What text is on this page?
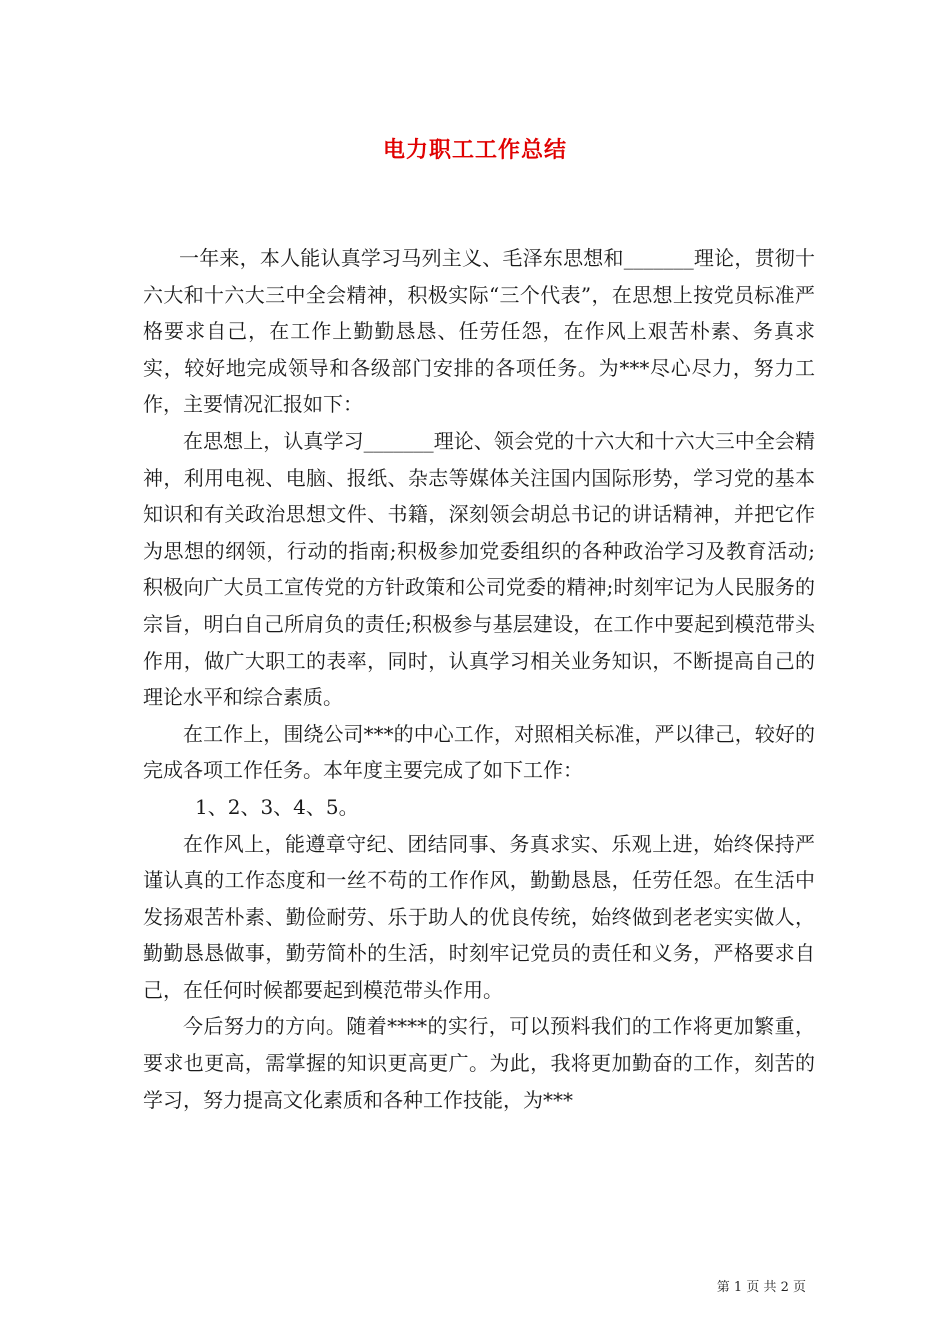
电力职工工作总结

一年来，本人能认真学习马列主义、毛泽东思想和_______理论，贯彻十六大和十六大三中全会精神，积极实际“三个代表”，在思想上按党员标准严格要求自己，在工作上勤勤恳恳、任劳任怨，在作风上艰苦朴素、务真求实，较好地完成领导和各级部门安排的各项任务。为***尽心尽力，努力工作，主要情况汇报如下：

在思想上，认真学习_______理论、领会党的十六大和十六大三中全会精神，利用电视、电脑、报纸、杂志等媒体关注国内国际形势，学习党的基本知识和有关政治思想文件、书籍，深刻领会胡总书记的讲话精神，并把它作为思想的纲领，行动的指南;积极参加党委组织的各种政治学习及教育活动;积极向广大员工宣传党的方针政策和公司党委的精神;时刻牢记为人民服务的宗旨，明白自己所肩负的责任;积极参与基层建设，在工作中要起到模范带头作用，做广大职工的表率，同时，认真学习相关业务知识，不断提高自己的理论水平和综合素质。

在工作上，围绕公司***的中心工作，对照相关标准，严以律己，较好的完成各项工作任务。本年度主要完成了如下工作：

1、2、3、4、5。

在作风上，能遵章守纪、团结同事、务真求实、乐观上进，始终保持严谨认真的工作态度和一丝不苟的工作作风，勤勤恳恳，任劳任怨。在生活中发扬艰苦朴素、勤俭耐劳、乐于助人的优良传统，始终做到老老实实做人，勤勤恳恳做事，勤劳简朴的生活，时刻牢记党员的责任和义务，严格要求自己，在任何时候都要起到模范带头作用。

今后努力的方向。随着****的实行，可以预料我们的工作将更加繁重，要求也更高，需掌握的知识更高更广。为此，我将更加勤奋的工作，刻苦的学习，努力提高文化素质和各种工作技能，为***

第 1 页 共 2 页
